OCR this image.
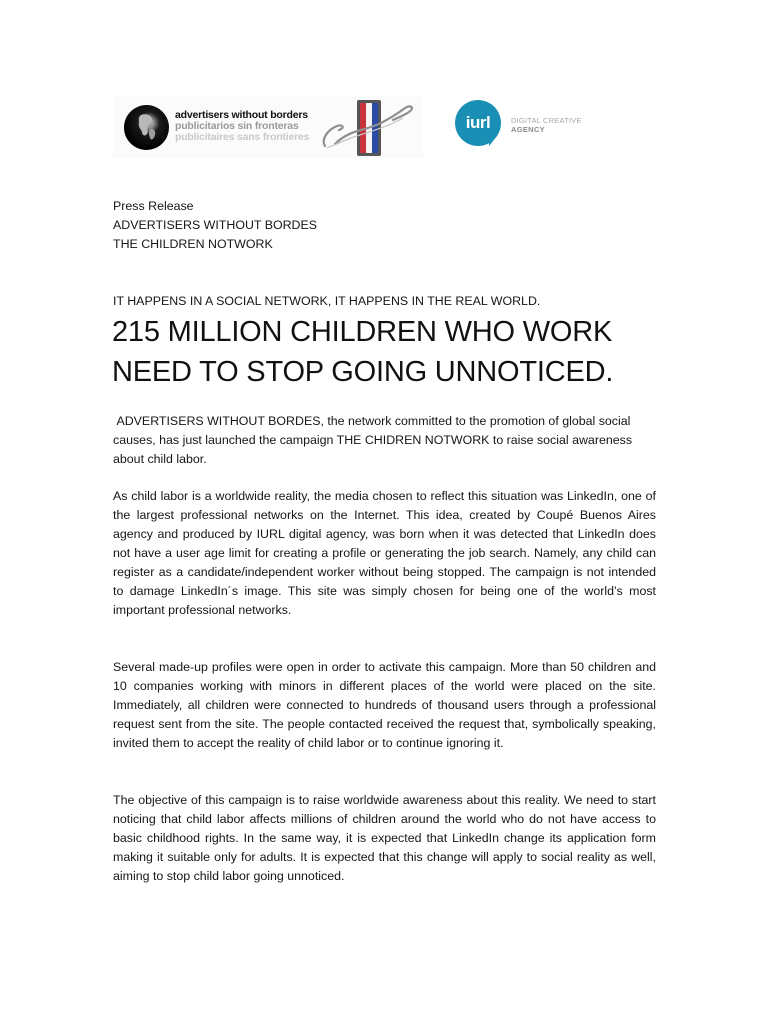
advertisers without borders
publicitarios sin fronteras
publicitaires sans frontieres
iurl	DIGITAL CREATIVE
AGENCY
Press Release
ADVERTISERS WITHOUT BORDES
THE CHILDREN NOTWORK
IT HAPPENS IN A SOCIAL NETWORK, IT HAPPENS IN THE REAL WORLD.
215 MILLION CHILDREN WHO WORK
NEED TO STOP GOING UNNOTICED.
ADVERTISERS WITHOUT BORDES, the network committed to the promotion of global social causes, has just launched the campaign THE CHIDREN NOTWORK to raise social awareness about child labor.
As child labor is a worldwide reality, the media chosen to reflect this situation was LinkedIn, one of the largest professional networks on the Internet. This idea, created by Coupé Buenos Aires agency and produced by IURL digital agency, was born when it was detected that LinkedIn does not have a user age limit for creating a profile or generating the job search. Namely, any child can register as a candidate/independent worker without being stopped. The campaign is not intended to damage LinkedIn´s image. This site was simply chosen for being one of the world’s most important professional networks.
Several made-up profiles were open in order to activate this campaign. More than 50 children and 10 companies working with minors in different places of the world were placed on the site. Immediately, all children were connected to hundreds of thousand users through a professional request sent from the site. The people contacted received the request that, symbolically speaking, invited them to accept the reality of child labor or to continue ignoring it.
The objective of this campaign is to raise worldwide awareness about this reality. We need to start noticing that child labor affects millions of children around the world who do not have access to basic childhood rights. In the same way, it is expected that LinkedIn change its application form making it suitable only for adults. It is expected that this change will apply to social reality as well, aiming to stop child labor going unnoticed.
